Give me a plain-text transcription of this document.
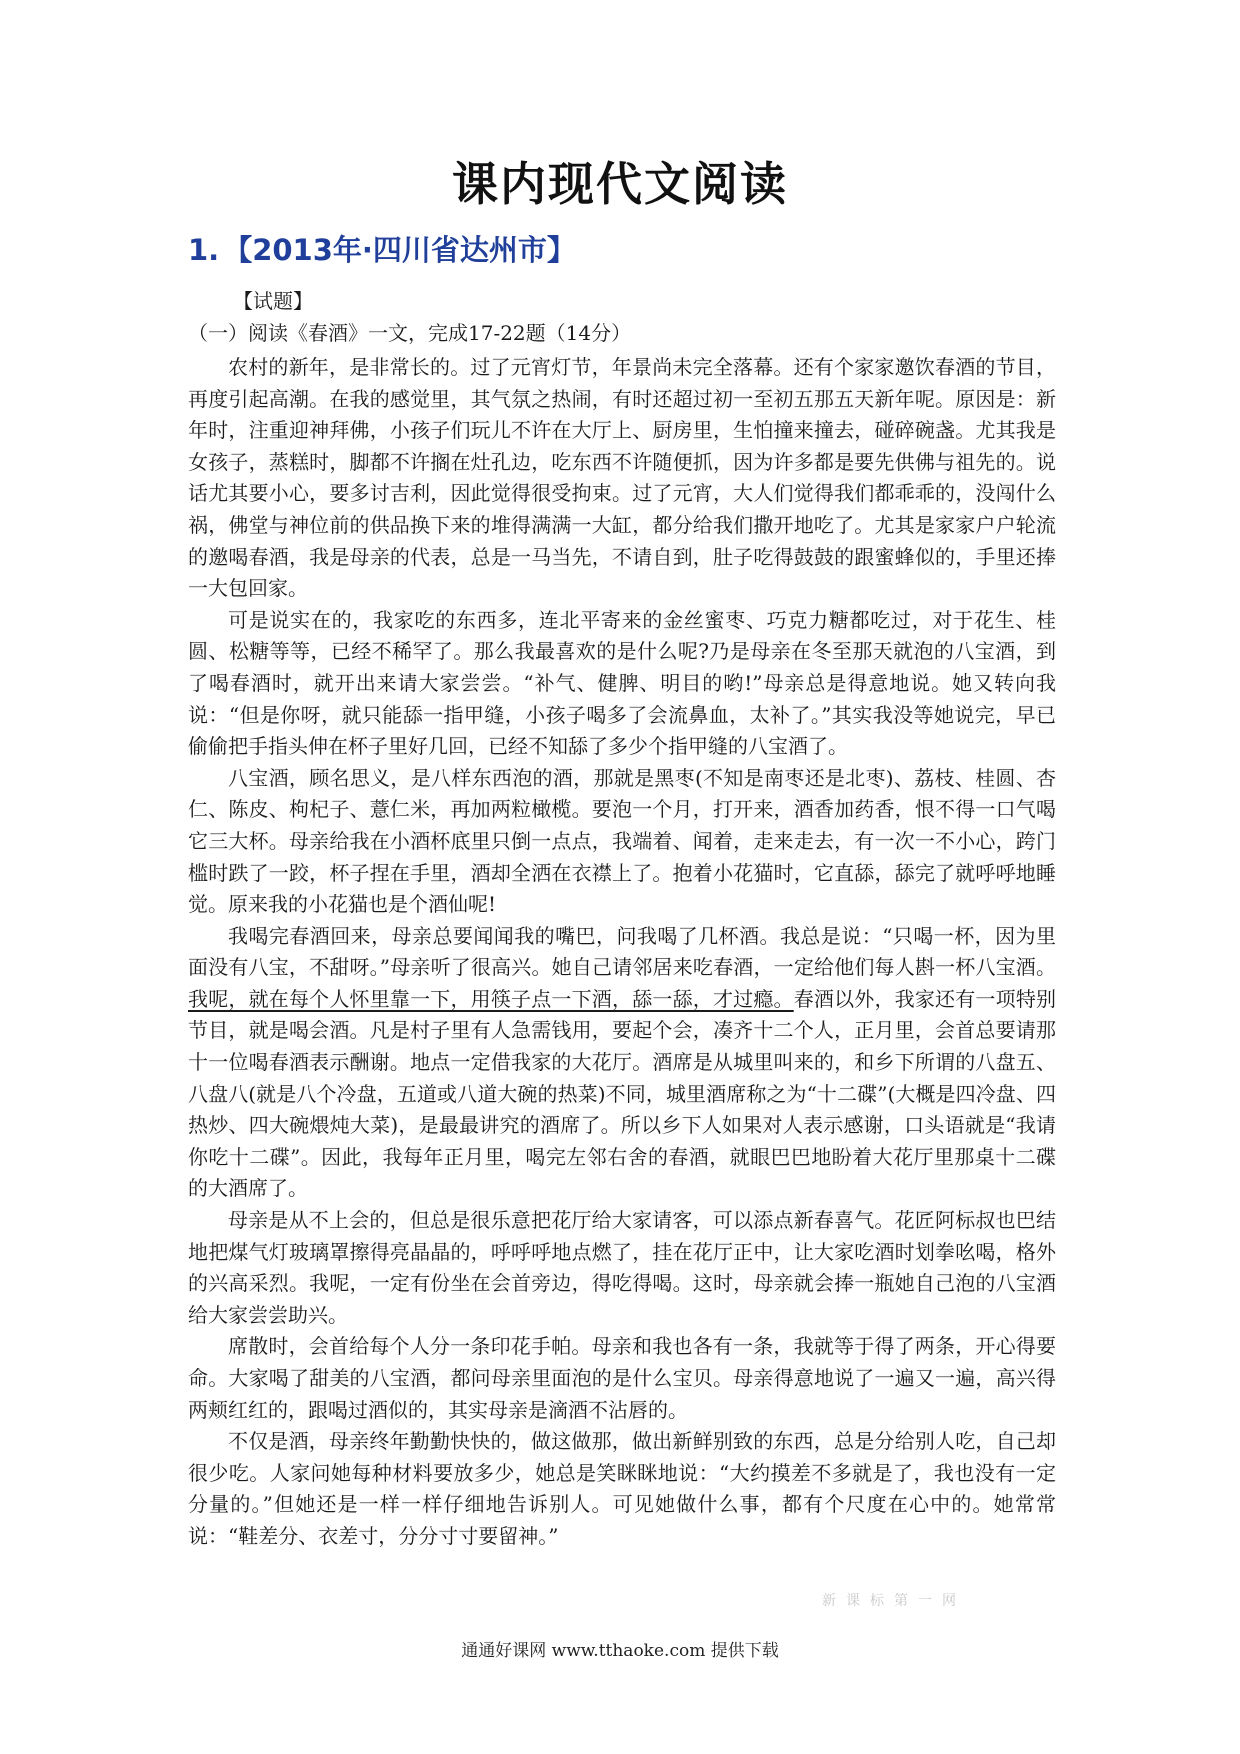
课内现代文阅读
1. 【2013年·四川省达州市】
【试题】
（一）阅读《春酒》一文，完成17-22题（14分）

农村的新年，是非常长的。过了元宵灯节，年景尚未完全落幕。还有个家家邀饮春酒的节目，再度引起高潮。在我的感觉里，其气氛之热闹，有时还超过初一至初五那五天新年呢。原因是：新年时，注重迎神拜佛，小孩子们玩儿不许在大厅上、厨房里，生怕撞来撞去，碰碎碗盏。尤其我是女孩子，蒸糕时，脚都不许搁在灶孔边，吃东西不许随便抓，因为许多都是要先供佛与祖先的。说话尤其要小心，要多讨吉利，因此觉得很受拘束。过了元宵，大人们觉得我们都乖乖的，没闯什么祸，佛堂与神位前的供品换下来的堆得满满一大缸，都分给我们撒开地吃了。尤其是家家户户轮流的邀喝春酒，我是母亲的代表，总是一马当先，不请自到，肚子吃得鼓鼓的跟蜜蜂似的，手里还捧一大包回家。

可是说实在的，我家吃的东西多，连北平寄来的金丝蜜枣、巧克力糖都吃过，对于花生、桂圆、松糖等等，已经不稀罕了。那么我最喜欢的是什么呢?乃是母亲在冬至那天就泡的八宝酒，到了喝春酒时，就开出来请大家尝尝。“补气、健脾、明目的哟!”母亲总是得意地说。她又转向我说：“但是你呀，就只能舔一指甲缝，小孩子喝多了会流鼻血，太补了。”其实我没等她说完，早已偷偷把手指头伸在杯子里好几回，已经不知舔了多少个指甲缝的八宝酒了。

八宝酒，顾名思义，是八样东西泡的酒，那就是黑枣(不知是南枣还是北枣)、荔枝、桂圆、杏仁、陈皮、枸杞子、薏仁米，再加两粒橄榄。要泡一个月，打开来，酒香加药香，恨不得一口气喝它三大杯。母亲给我在小酒杯底里只倒一点点，我端着、闻着，走来走去，有一次一不小心，跨门槛时跌了一跤，杯子捏在手里，酒却全洒在衣襟上了。抱着小花猫时，它直舔，舔完了就呼呼地睡觉。原来我的小花猫也是个酒仙呢!

我喝完春酒回来，母亲总要闻闻我的嘴巴，问我喝了几杯酒。我总是说：“只喝一杯，因为里面没有八宝，不甜呀。”母亲听了很高兴。她自己请邻居来吃春酒，一定给他们每人斟一杯八宝酒。我呢，就在每个人怀里靠一下，用筷子点一下酒，舔一舔，才过瘾。春酒以外，我家还有一项特别节目，就是喝会酒。凡是村子里有人急需钱用，要起个会，凑齐十二个人，正月里，会首总要请那十一位喝春酒表示酬谢。地点一定借我家的大花厅。酒席是从城里叫来的，和乡下所谓的八盘五、八盘八(就是八个冷盘，五道或八道大碗的热菜)不同，城里酒席称之为“十二碟”(大概是四冷盘、四热炒、四大碗煨炖大菜)，是最最讲究的酒席了。所以乡下人如果对人表示感谢，口头语就是“我请你吃十二碟”。因此，我每年正月里，喝完左邻右舍的春酒，就眼巴巴地盼着大花厅里那桌十二碟的大酒席了。

母亲是从不上会的，但总是很乐意把花厅给大家请客，可以添点新春喜气。花匠阿标叔也巴结地把煤气灯玻璃罩擦得亮晶晶的，呼呼呼地点燃了，挂在花厅正中，让大家吃酒时划拳吆喝，格外的兴高采烈。我呢，一定有份坐在会首旁边，得吃得喝。这时，母亲就会捧一瓶她自己泡的八宝酒给大家尝尝助兴。

席散时，会首给每个人分一条印花手帕。母亲和我也各有一条，我就等于得了两条，开心得要命。大家喝了甜美的八宝酒，都问母亲里面泡的是什么宝贝。母亲得意地说了一遍又一遍，高兴得两颊红红的，跟喝过酒似的，其实母亲是滴酒不沾唇的。

不仅是酒，母亲终年勤勤快快的，做这做那，做出新鲜别致的东西，总是分给别人吃，自己却很少吃。人家问她每种材料要放多少，她总是笑眯眯地说：“大约摸差不多就是了，我也没有一定分量的。”但她还是一样一样仔细地告诉别人。可见她做什么事，都有个尺度在心中的。她常常说：“鞋差分、衣差寸，分分寸寸要留神。”

新课标第一网
通通好课网 www.tthaoke.com 提供下载
